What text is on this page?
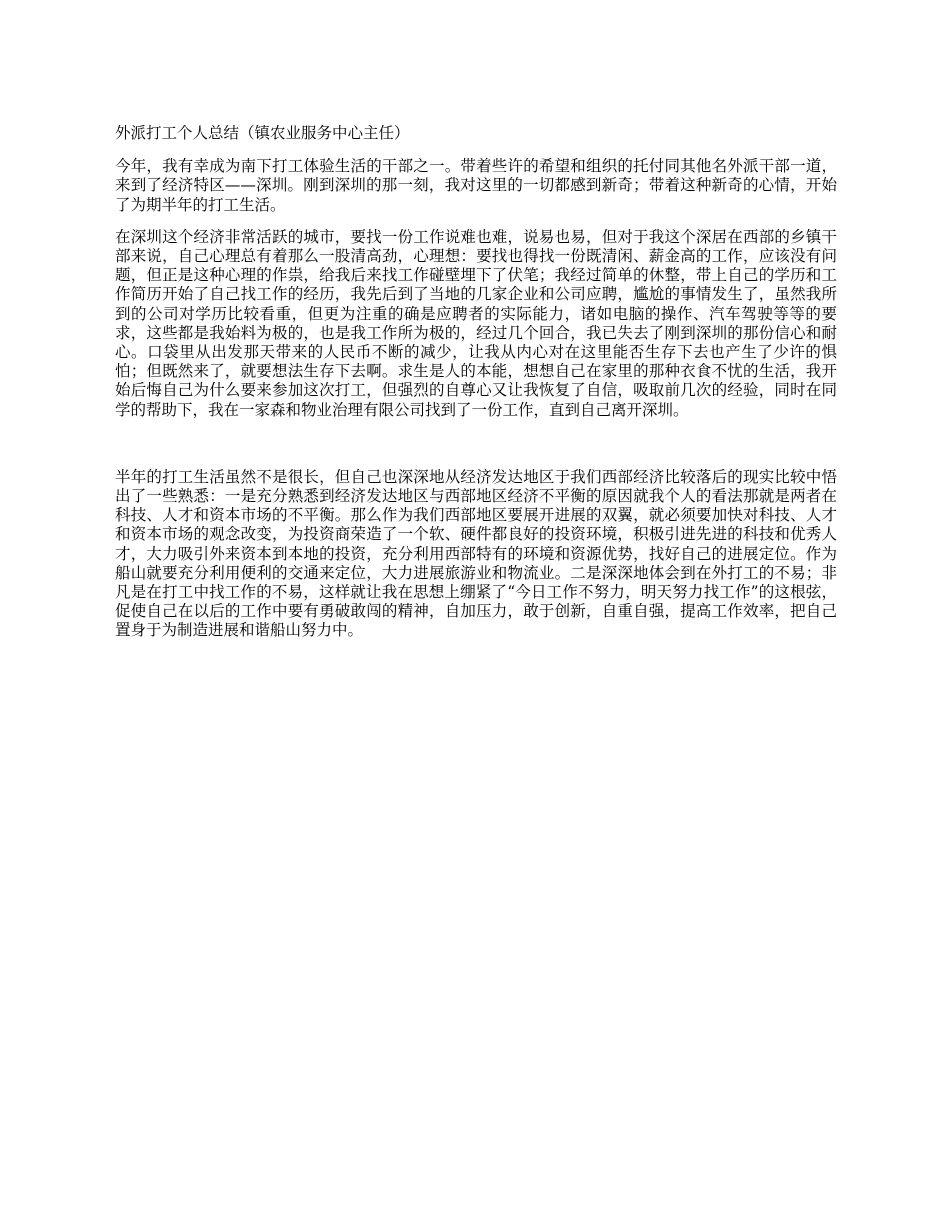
外派打工个人总结（镇农业服务中心主任）

今年，我有幸成为南下打工体验生活的干部之一。带着些许的希望和组织的托付同其他名外派干部一道，来到了经济特区——深圳。刚到深圳的那一刻，我对这里的一切都感到新奇；带着这种新奇的心情，开始了为期半年的打工生活。

在深圳这个经济非常活跃的城市，要找一份工作说难也难，说易也易，但对于我这个深居在西部的乡镇干部来说，自己心理总有着那么一股清高劲，心理想：要找也得找一份既清闲、薪金高的工作，应该没有问题，但正是这种心理的作祟，给我后来找工作碰壁埋下了伏笔；我经过简单的休整，带上自己的学历和工作简历开始了自己找工作的经历，我先后到了当地的几家企业和公司应聘，尴尬的事情发生了，虽然我所到的公司对学历比较看重，但更为注重的确是应聘者的实际能力，诸如电脑的操作、汽车驾驶等等的要求，这些都是我始料为极的，也是我工作所为极的，经过几个回合，我已失去了刚到深圳的那份信心和耐心。口袋里从出发那天带来的人民币不断的减少，让我从内心对在这里能否生存下去也产生了少许的惧怕；但既然来了，就要想法生存下去啊。求生是人的本能，想想自己在家里的那种衣食不忧的生活，我开始后悔自己为什么要来参加这次打工，但强烈的自尊心又让我恢复了自信，吸取前几次的经验，同时在同学的帮助下，我在一家森和物业治理有限公司找到了一份工作，直到自己离开深圳。

半年的打工生活虽然不是很长，但自己也深深地从经济发达地区于我们西部经济比较落后的现实比较中悟出了一些熟悉：一是充分熟悉到经济发达地区与西部地区经济不平衡的原因就我个人的看法那就是两者在科技、人才和资本市场的不平衡。那么作为我们西部地区要展开进展的双翼，就必须要加快对科技、人才和资本市场的观念改变，为投资商荣造了一个软、硬件都良好的投资环境，积极引进先进的科技和优秀人才，大力吸引外来资本到本地的投资，充分利用西部特有的环境和资源优势，找好自己的进展定位。作为船山就要充分利用便利的交通来定位，大力进展旅游业和物流业。二是深深地体会到在外打工的不易；非凡是在打工中找工作的不易，这样就让我在思想上绷紧了“今日工作不努力，明天努力找工作”的这根弦，促使自己在以后的工作中要有勇破敢闯的精神，自加压力，敢于创新，自重自强，提高工作效率，把自己置身于为制造进展和谐船山努力中。
